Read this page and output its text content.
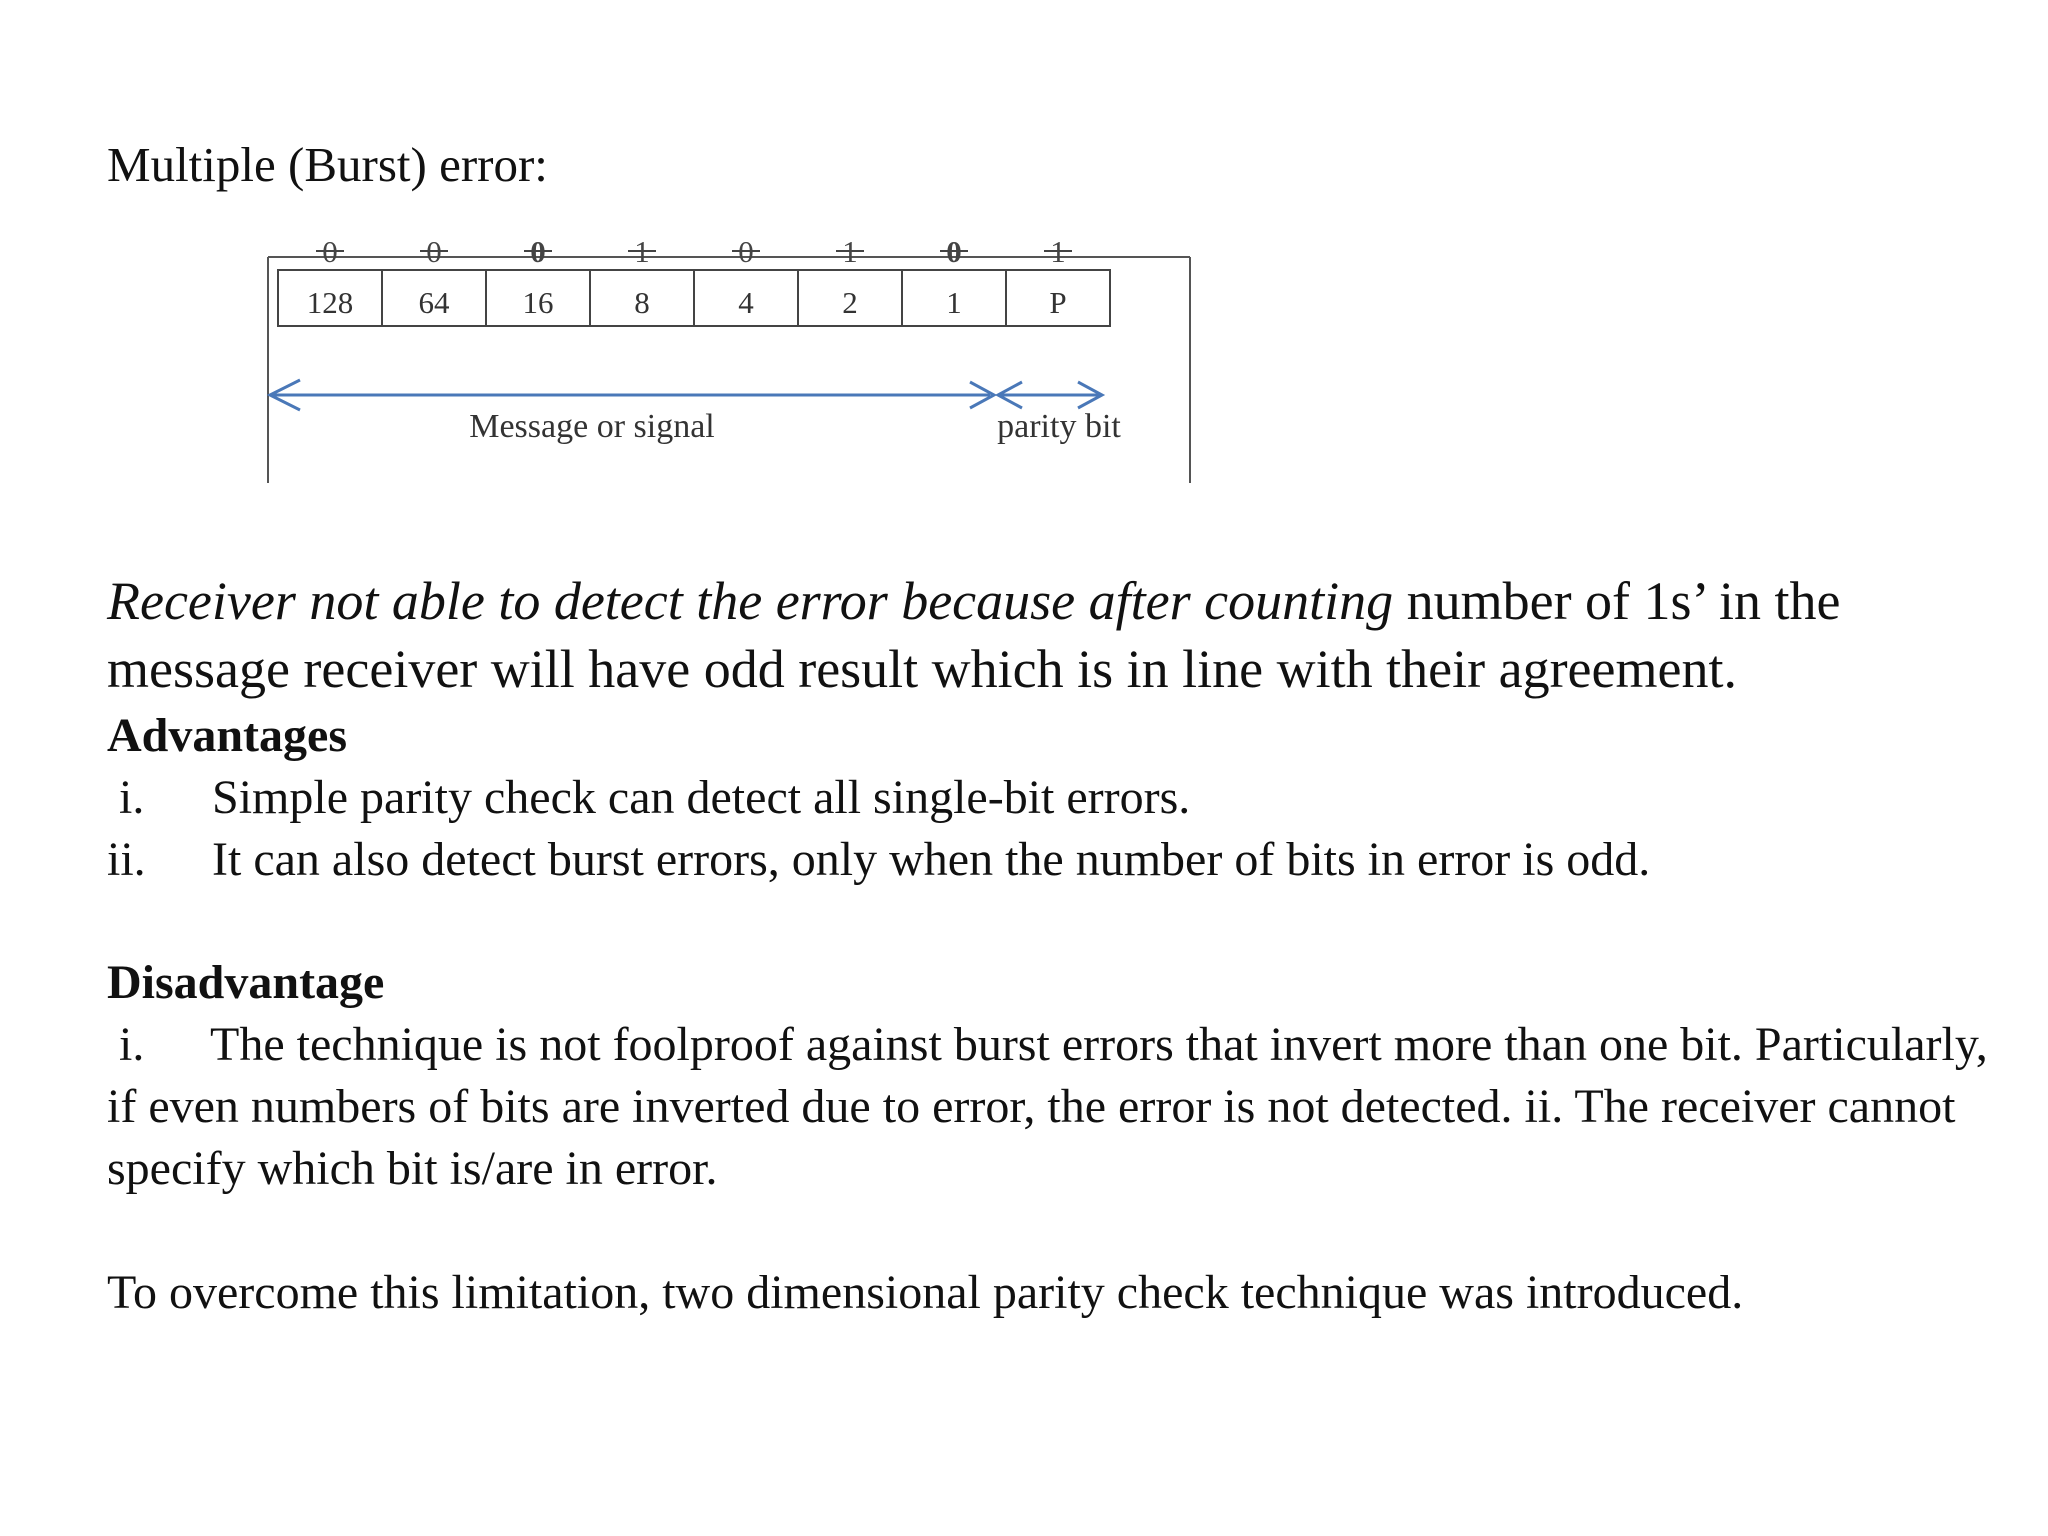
Multiple (Burst) error:
128
0
64
0
16
0
8
1
4
0
2
1
1
0
P
1
Message or signal	parity bit
Receiver not able to detect the error because after counting number of 1s’ in the message receiver will have odd result which is in line with their agreement.
Advantages
i. Simple parity check can detect all single-bit errors.
ii. It can also detect burst errors, only when the number of bits in error is odd.
Disadvantage
i. The technique is not foolproof against burst errors that invert more than one bit. Particularly, if even numbers of bits are inverted due to error, the error is not detected. ii. The receiver cannot specify which bit is/are in error.
To overcome this limitation, two dimensional parity check technique was introduced.
